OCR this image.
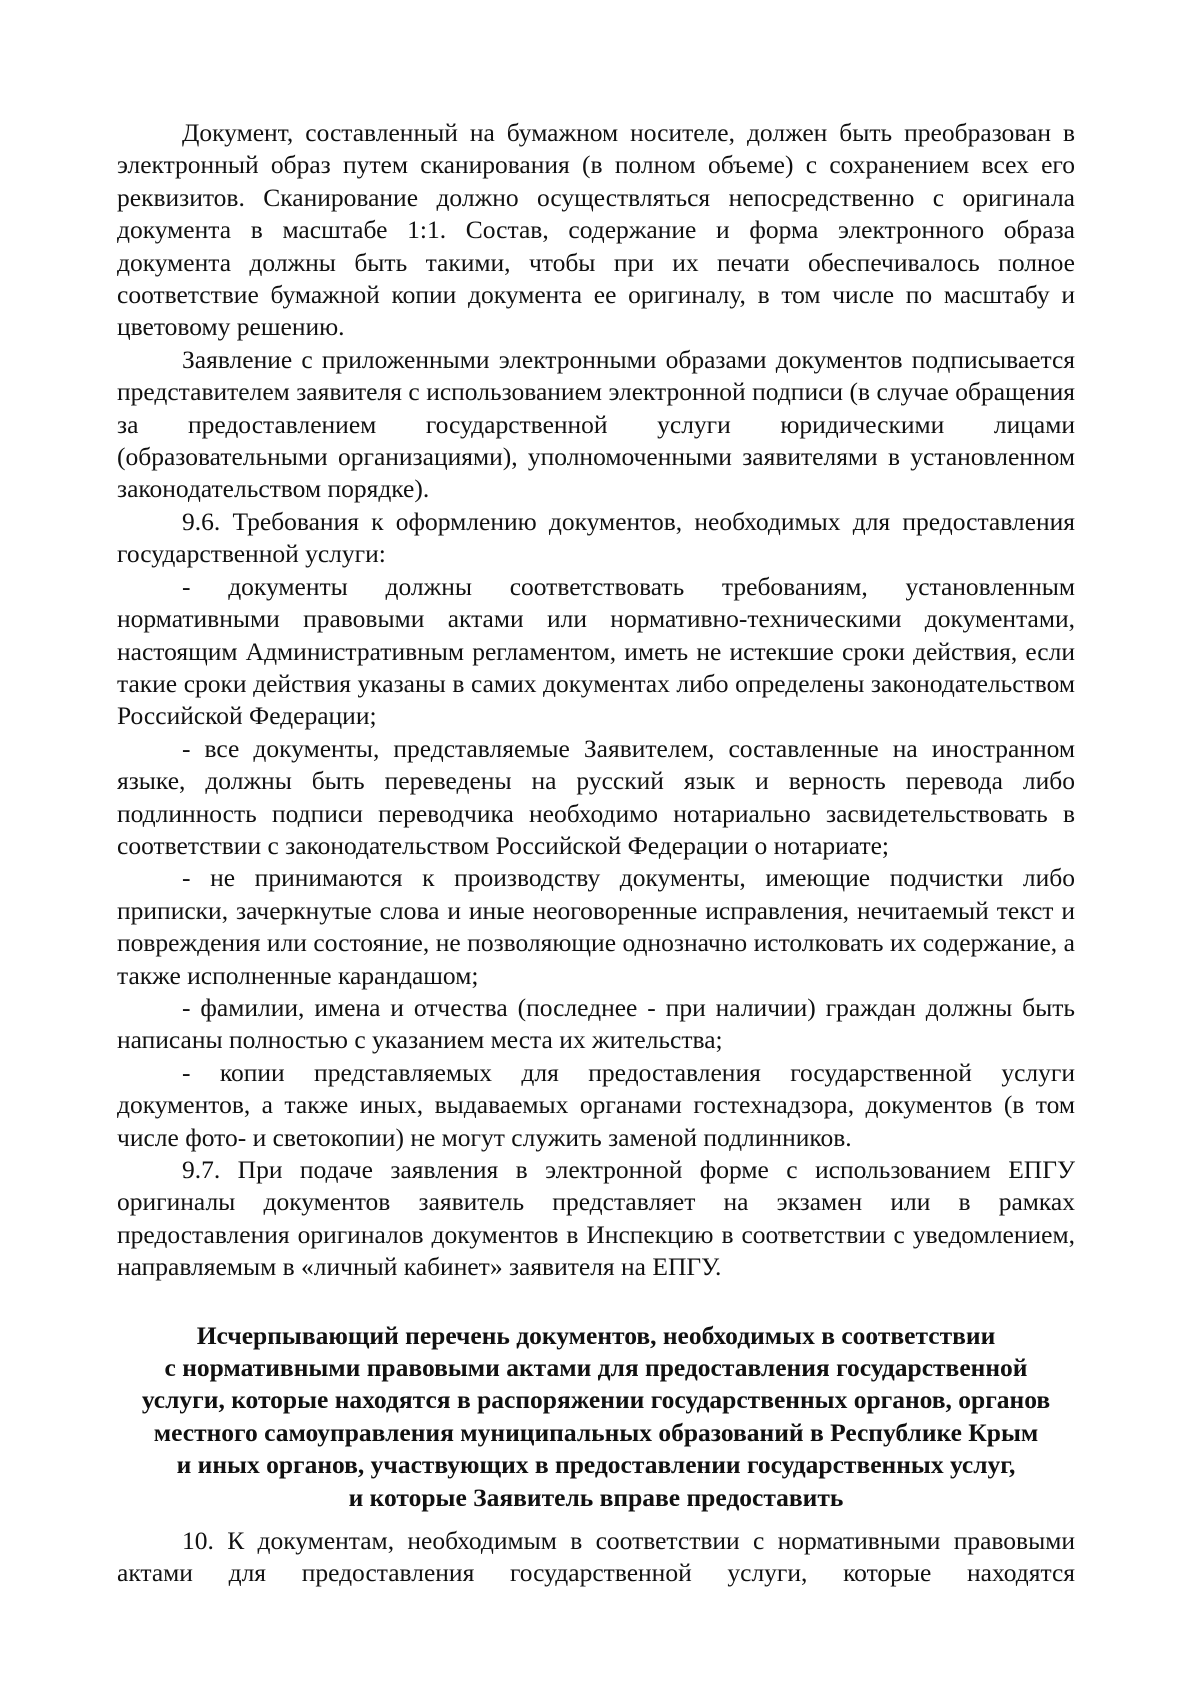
Документ, составленный на бумажном носителе, должен быть преобразован в электронный образ путем сканирования (в полном объеме) с сохранением всех его реквизитов. Сканирование должно осуществляться непосредственно с оригинала документа в масштабе 1:1. Состав, содержание и форма электронного образа документа должны быть такими, чтобы при их печати обеспечивалось полное соответствие бумажной копии документа ее оригиналу, в том числе по масштабу и цветовому решению.

Заявление с приложенными электронными образами документов подписывается представителем заявителя с использованием электронной подписи (в случае обращения за предоставлением государственной услуги юридическими лицами (образовательными организациями), уполномоченными заявителями в установленном законодательством порядке).

9.6. Требования к оформлению документов, необходимых для предоставления государственной услуги:

- документы должны соответствовать требованиям, установленным нормативными правовыми актами или нормативно-техническими документами, настоящим Административным регламентом, иметь не истекшие сроки действия, если такие сроки действия указаны в самих документах либо определены законодательством Российской Федерации;

- все документы, представляемые Заявителем, составленные на иностранном языке, должны быть переведены на русский язык и верность перевода либо подлинность подписи переводчика необходимо нотариально засвидетельствовать в соответствии с законодательством Российской Федерации о нотариате;

- не принимаются к производству документы, имеющие подчистки либо приписки, зачеркнутые слова и иные неоговоренные исправления, нечитаемый текст и повреждения или состояние, не позволяющие однозначно истолковать их содержание, а также исполненные карандашом;

- фамилии, имена и отчества (последнее - при наличии) граждан должны быть написаны полностью с указанием места их жительства;

- копии представляемых для предоставления государственной услуги документов, а также иных, выдаваемых органами гостехнадзора, документов (в том числе фото- и светокопии) не могут служить заменой подлинников.

9.7. При подаче заявления в электронной форме с использованием ЕПГУ оригиналы документов заявитель представляет на экзамен или в рамках предоставления оригиналов документов в Инспекцию в соответствии с уведомлением, направляемым в «личный кабинет» заявителя на ЕПГУ.

Исчерпывающий перечень документов, необходимых в соответствии
с нормативными правовыми актами для предоставления государственной
услуги, которые находятся в распоряжении государственных органов, органов
местного самоуправления муниципальных образований в Республике Крым
и иных органов, участвующих в предоставлении государственных услуг,
и которые Заявитель вправе предоставить

10. К документам, необходимым в соответствии с нормативными правовыми актами для предоставления государственной услуги, которые находятся
